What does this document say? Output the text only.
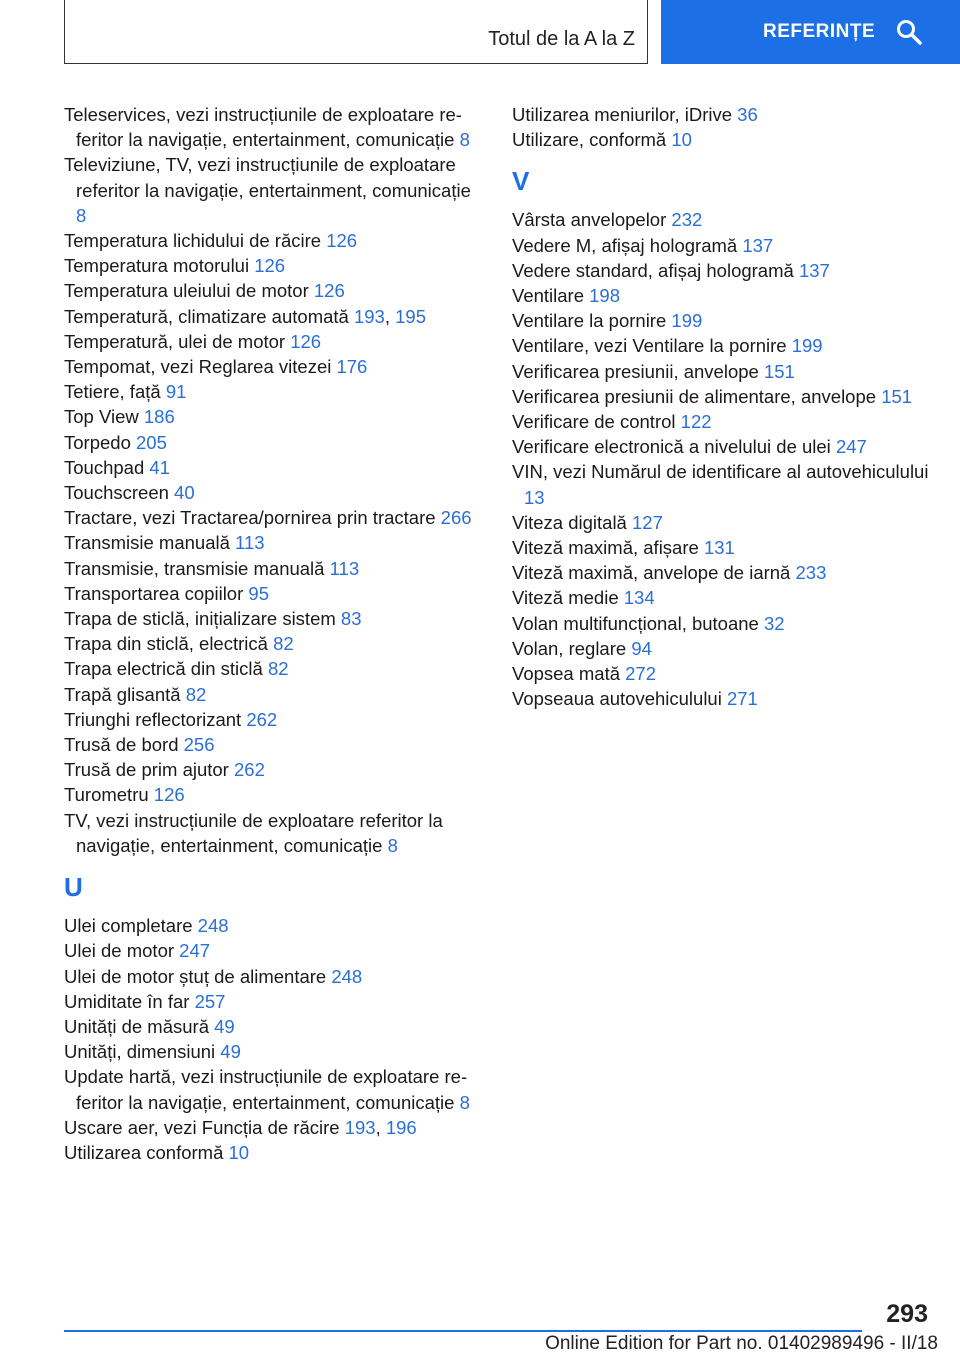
Totul de la A la Z	REFERINȚE
Teleservices, vezi instrucțiunile de exploatare referitor la navigație, entertainment, comunicație 8
Televiziune, TV, vezi instrucțiunile de exploatare referitor la navigație, entertainment, comunicație 8
Temperatura lichidului de răcire 126
Temperatura motorului 126
Temperatura uleiului de motor 126
Temperatură, climatizare automată 193, 195
Temperatură, ulei de motor 126
Tempomat, vezi Reglarea vitezei 176
Tetiere, față 91
Top View 186
Torpedo 205
Touchpad 41
Touchscreen 40
Tractare, vezi Tractarea/pornirea prin tractare 266
Transmisie manuală 113
Transmisie, transmisie manuală 113
Transportarea copiilor 95
Trapa de sticlă, inițializare sistem 83
Trapa din sticlă, electrică 82
Trapa electrică din sticlă 82
Trapă glisantă 82
Triunghi reflectorizant 262
Trusă de bord 256
Trusă de prim ajutor 262
Turometru 126
TV, vezi instrucțiunile de exploatare referitor la navigație, entertainment, comunicație 8
U
Ulei completare 248
Ulei de motor 247
Ulei de motor ștuț de alimentare 248
Umiditate în far 257
Unități de măsură 49
Unități, dimensiuni 49
Update hartă, vezi instrucțiunile de exploatare referitor la navigație, entertainment, comunicație 8
Uscare aer, vezi Funcția de răcire 193, 196
Utilizarea conformă 10
Utilizarea meniurilor, iDrive 36
Utilizare, conformă 10
V
Vârsta anvelopelor 232
Vedere M, afișaj hologramă 137
Vedere standard, afișaj hologramă 137
Ventilare 198
Ventilare la pornire 199
Ventilare, vezi Ventilare la pornire 199
Verificarea presiunii, anvelope 151
Verificarea presiunii de alimentare, anvelope 151
Verificare de control 122
Verificare electronică a nivelului de ulei 247
VIN, vezi Numărul de identificare al autovehiculului 13
Viteza digitală 127
Viteză maximă, afișare 131
Viteză maximă, anvelope de iarnă 233
Viteză medie 134
Volan multifuncțional, butoane 32
Volan, reglare 94
Vopsea mată 272
Vopseaua autovehiculului 271
293
Online Edition for Part no. 01402989496 - II/18
